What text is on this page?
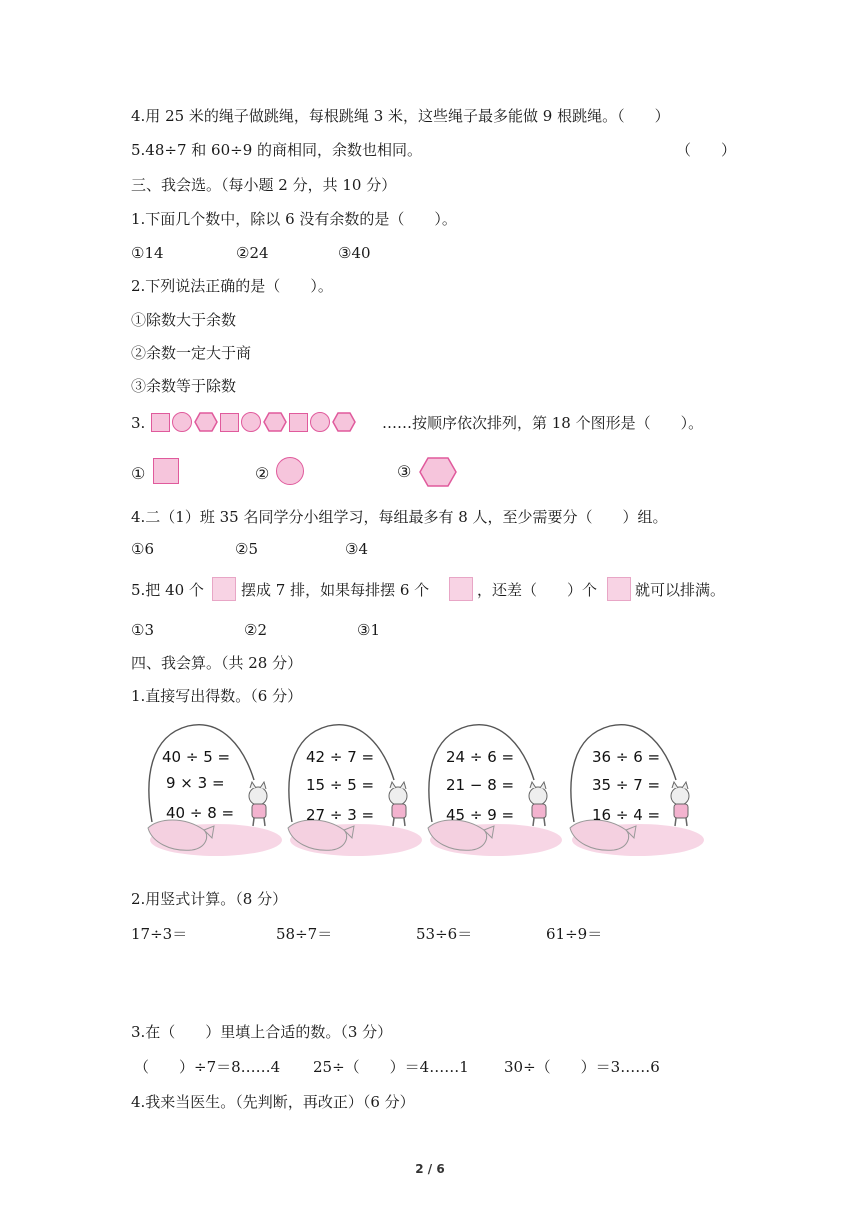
4.用 25 米的绳子做跳绳，每根跳绳 3 米，这些绳子最多能做 9 根跳绳。（　　）
5.48÷7 和 60÷9 的商相同，余数也相同。	（　　）
三、我会选。（每小题 2 分，共 10 分）
1.下面几个数中，除以 6 没有余数的是（　　）。
①14	②24	③40
2.下列说法正确的是（　　）。
①除数大于余数
②余数一定大于商
③余数等于除数
3.	……按顺序依次排列，第 18 个图形是（　　）。
①	②	③
4.二（1）班 35 名同学分小组学习，每组最多有 8 人，至少需要分（　　）组。
①6	②5	③4
5.把 40 个 摆成 7 排，如果每排摆 6 个	，还差（　　）个	就可以排满。
①3	②2	③1
四、我会算。（共 28 分）
1.直接写出得数。（6 分）
40 ÷ 5 =
9 × 3 =
40 ÷ 8 =
42 ÷ 7 =
15 ÷ 5 =
27 ÷ 3 =
24 ÷ 6 =
21 − 8 =
45 ÷ 9 =
36 ÷ 6 =
35 ÷ 7 =
16 ÷ 4 =
2.用竖式计算。（8 分）
17÷3＝	58÷7＝	53÷6＝	61÷9＝
3.在（　　）里填上合适的数。（3 分）
（　　）÷7＝8……4 25÷（　　）＝4……1 30÷（　　）＝3……6
4.我来当医生。（先判断，再改正）（6 分）
2 / 6
